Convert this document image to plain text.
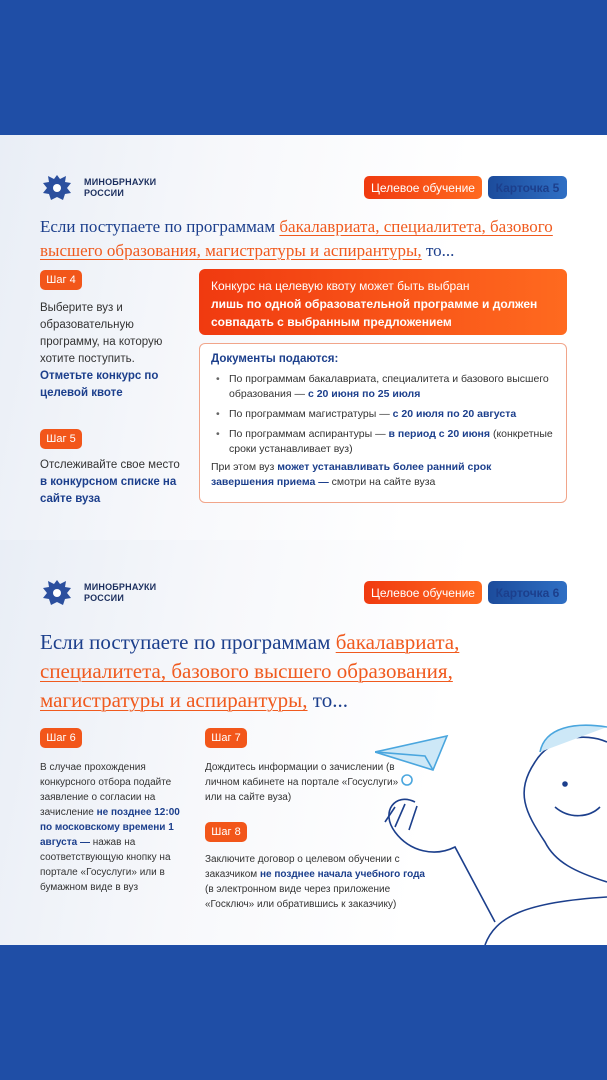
МИНОБРНАУКИ
РОССИИ	Целевое обучение	Карточка 5
Если поступаете по программам бакалавриата, специалитета, базового высшего образования, магистратуры и аспирантуры, то...
Шаг 4
Выберите вуз и образовательную программу, на которую хотите поступить. Отметьте конкурс по целевой квоте
Шаг 5
Отслеживайте свое место в конкурсном списке на сайте вуза
Конкурс на целевую квоту может быть выбран
лишь по одной образовательной программе и должен совпадать с выбранным предложением
Документы подаются:
• По программам бакалавриата, специалитета и базового высшего образования — с 20 июня по 25 июля
• По программам магистратуры — с 20 июля по 20 августа
• По программам аспирантуры — в период с 20 июня (конкретные сроки устанавливает вуз)
При этом вуз может устанавливать более ранний срок завершения приема — смотри на сайте вуза
МИНОБРНАУКИ
РОССИИ	Целевое обучение	Карточка 6
Если поступаете по программам бакалавриата, специалитета, базового высшего образования, магистратуры и аспирантуры, то...
Шаг 6
В случае прохождения конкурсного отбора подайте заявление о согласии на зачисление не позднее 12:00 по московскому времени 1 августа — нажав на соответствующую кнопку на портале «Госуслуги» или в бумажном виде в вуз
Шаг 7
Дождитесь информации о зачислении (в личном кабинете на портале «Госуслуги» или на сайте вуза)
Шаг 8
Заключите договор о целевом обучении с заказчиком не позднее начала учебного года (в электронном виде через приложение «Госключ» или обратившись к заказчику)
